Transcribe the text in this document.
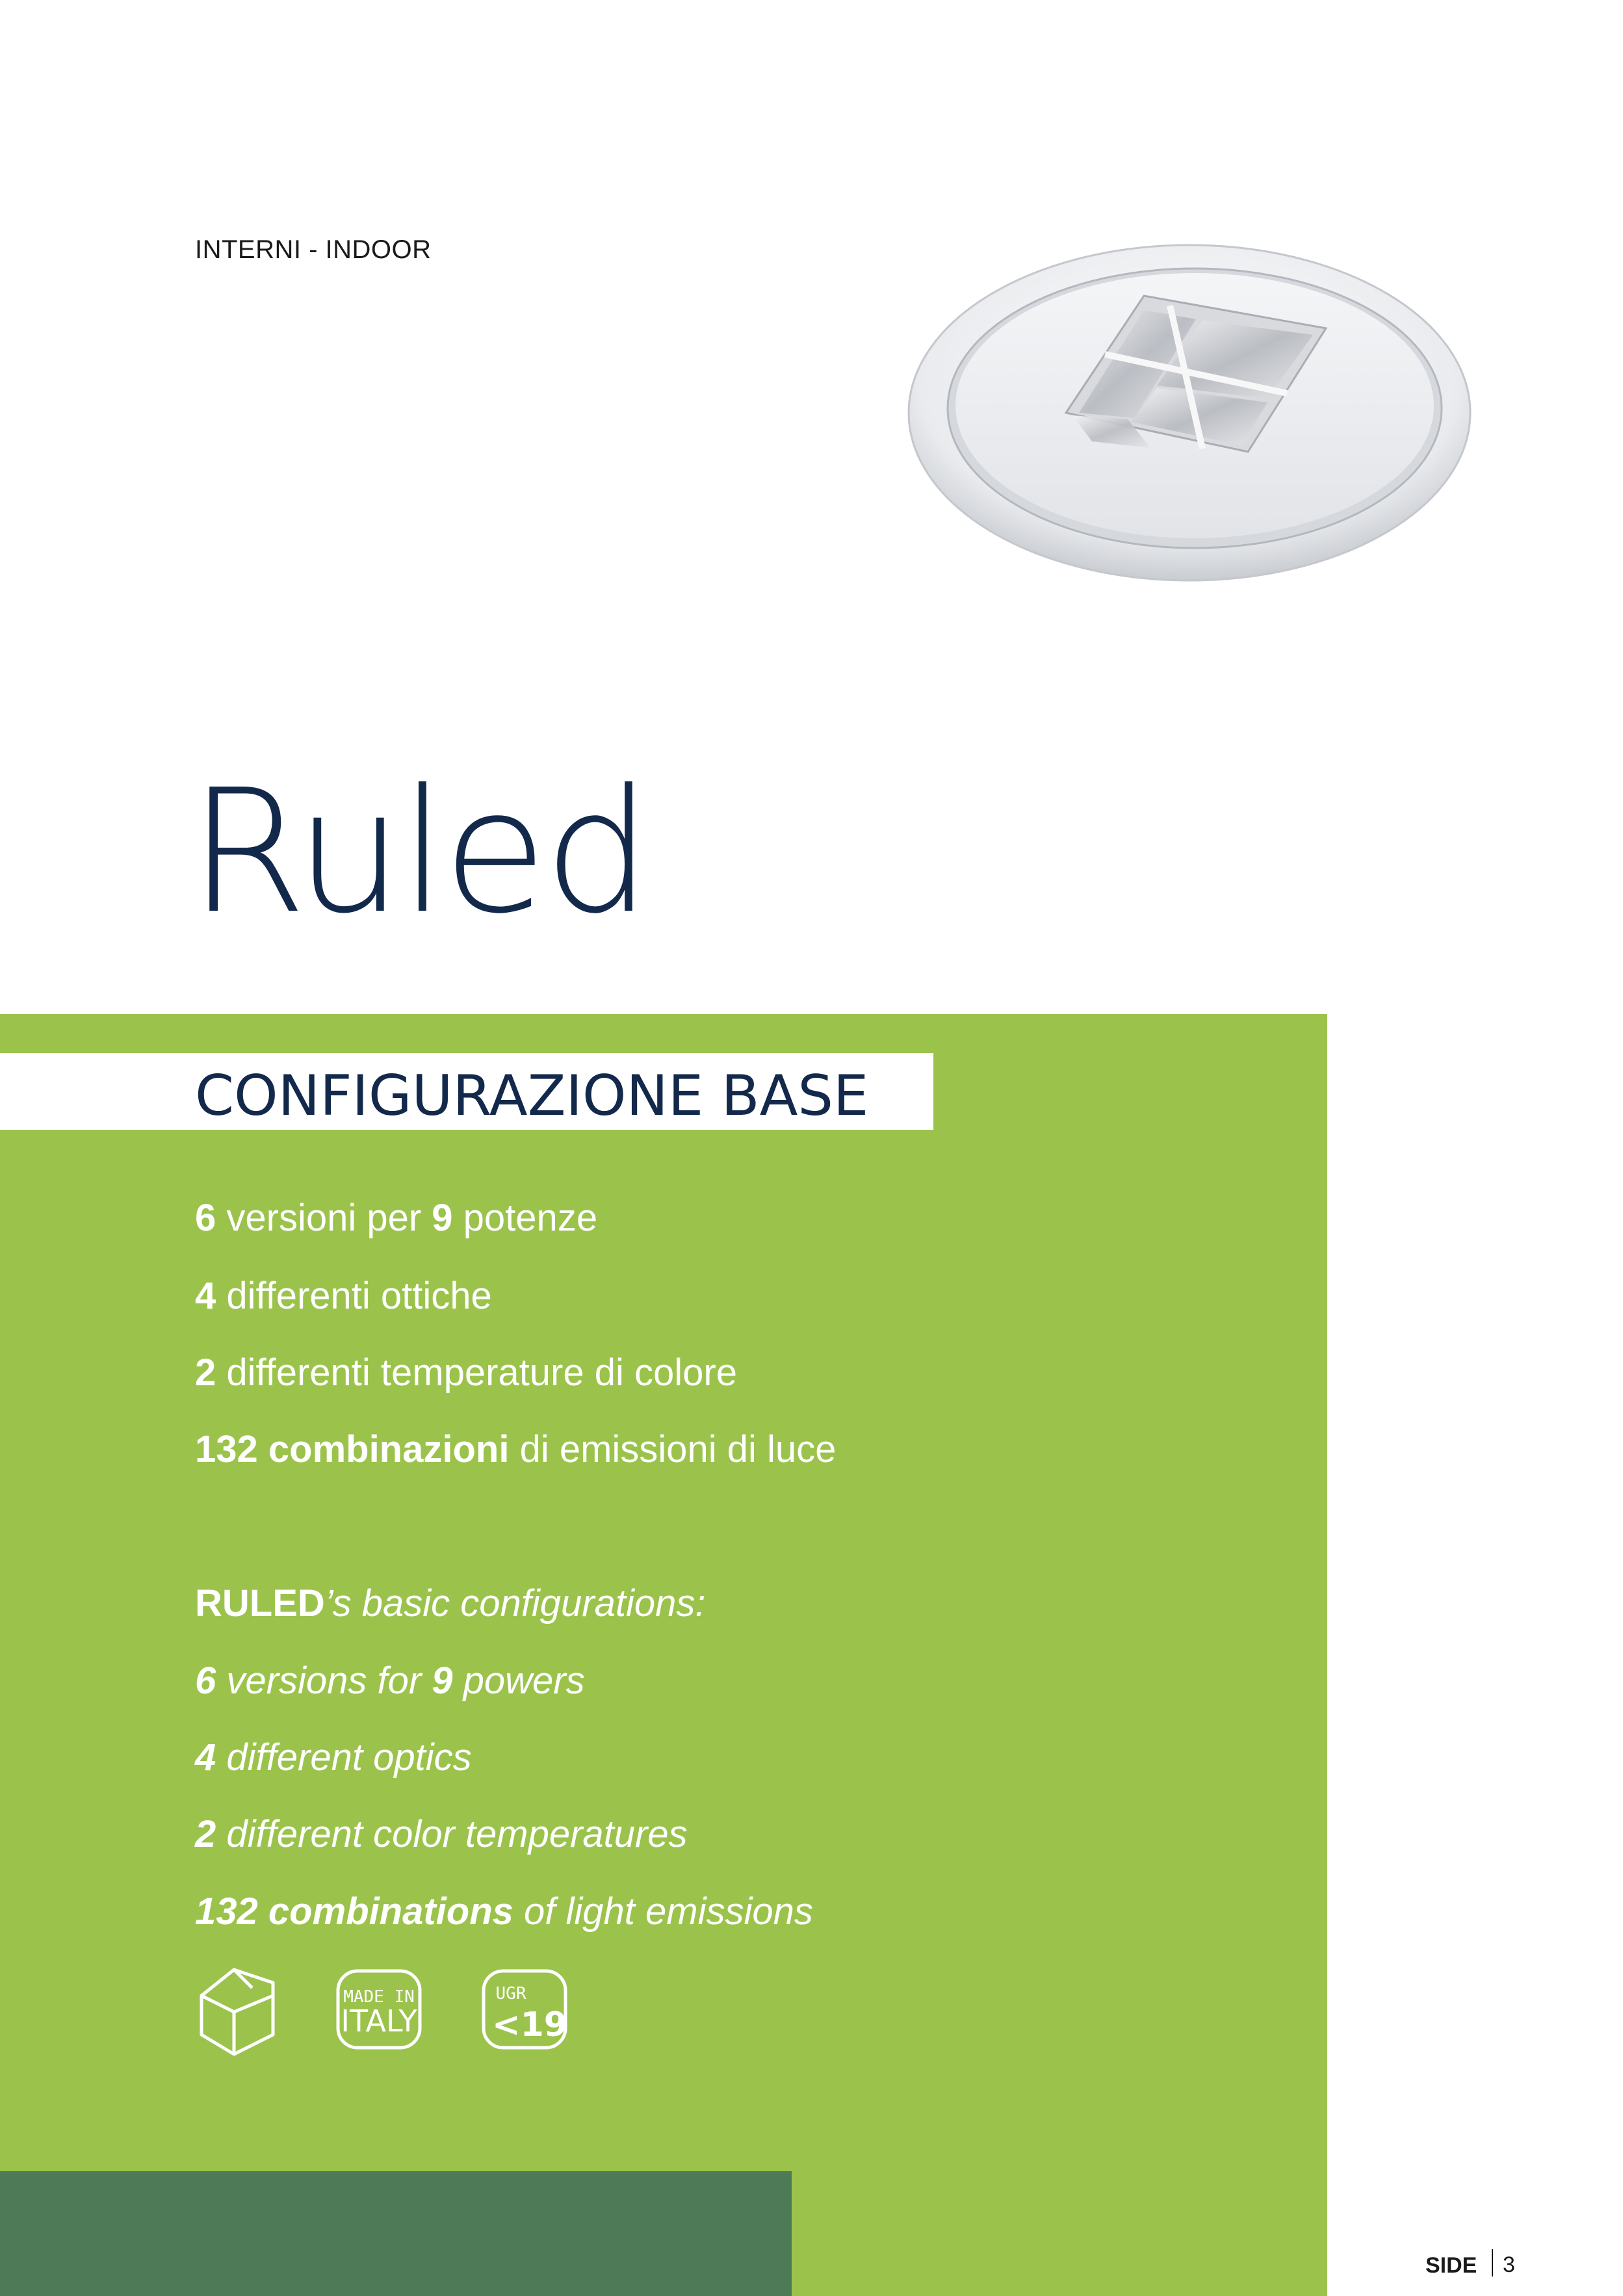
INTERNI - INDOOR
Ruled
CONFIGURAZIONE BASE
6 versioni per 9 potenze
4 differenti ottiche
2 differenti temperature di colore
132 combinazioni di emissioni di luce
RULED’s basic configurations:
6 versions for 9 powers
4 different optics
2 different color temperatures
132 combinations of light emissions
MADE IN
ITALY
UGR
<19
SIDE 3
